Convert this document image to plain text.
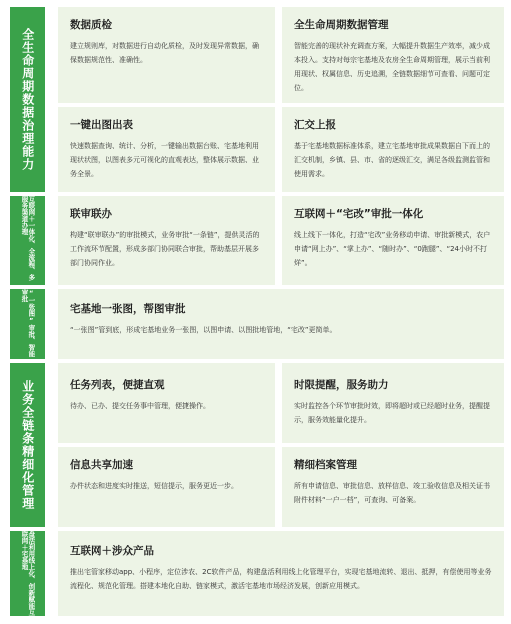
全生命周期数据治理能力
互联网＋一体化、全流程、多服务渠道办理
“一张图”审批、智能审批
业务全链条精细化管理
盘活利用线上化、创新赋能互联网＋宅基地
数据质检
建立规则库，对数据进行自动化质检，及时发现异常数据，确保数据规范性、准确性。
全生命周期数据管理
智能完善的现状补充调查方案，大幅提升数据生产效率，减少成本投入。支持对每宗宅基地及农房全生命周期管理，展示当前利用现状、权属信息、历史追溯，全链数据细节可查看、问题可定位。
一键出图出表
快速数据查询、统计、分析，一键输出数据台账、宅基地利用现状状图，以图表多元可视化的直观表达，整体展示数据、业务全景。
汇交上报
基于宅基地数据标准体系，建立宅基地审批成果数据自下而上的汇交机制，乡镇、县、市、省的逐级汇交，满足各级监测监管和使用需求。
联审联办
构建“联审联办”的审批模式，业务审批“一条链”，提供灵活的工作流环节配置，形成多部门协同联合审批，帮助基层开展多部门协同作业。
互联网＋“宅改”审批一体化
线上线下一体化，打造“宅改”业务移动申请、审批新模式，农户申请“网上办”、“掌上办”、“随时办”、“0跑腿”、“24小时不打烊”。
宅基地一张图，帮图审批
“一张图”管到底，形成宅基地业务一张图，以图申请、以图批地管地，“宅改”更简单。
任务列表，便捷直观
待办、已办、提交任务事中管理，便捷操作。
时限提醒，服务助力
实时监控各个环节审批时效，即将超时或已经超时业务，提醒提示，服务效能量化提升。
信息共享加速
办件状态和进度实时推送，短信提示，服务更近一步。
精细档案管理
所有申请信息、审批信息、放样信息、竣工验收信息及相关证书附件材料“一户一档”，可查询、可备案。
互联网＋涉众产品
推出宅管家移动app、小程序，定位涉农、2C软件产品，构建盘活利用线上化管理平台，实现宅基地流转、退出、抵押，有偿使用等业务流程化、规范化管理。搭建本地化自助、链家模式，激活宅基地市场经济发展，创新应用模式。
